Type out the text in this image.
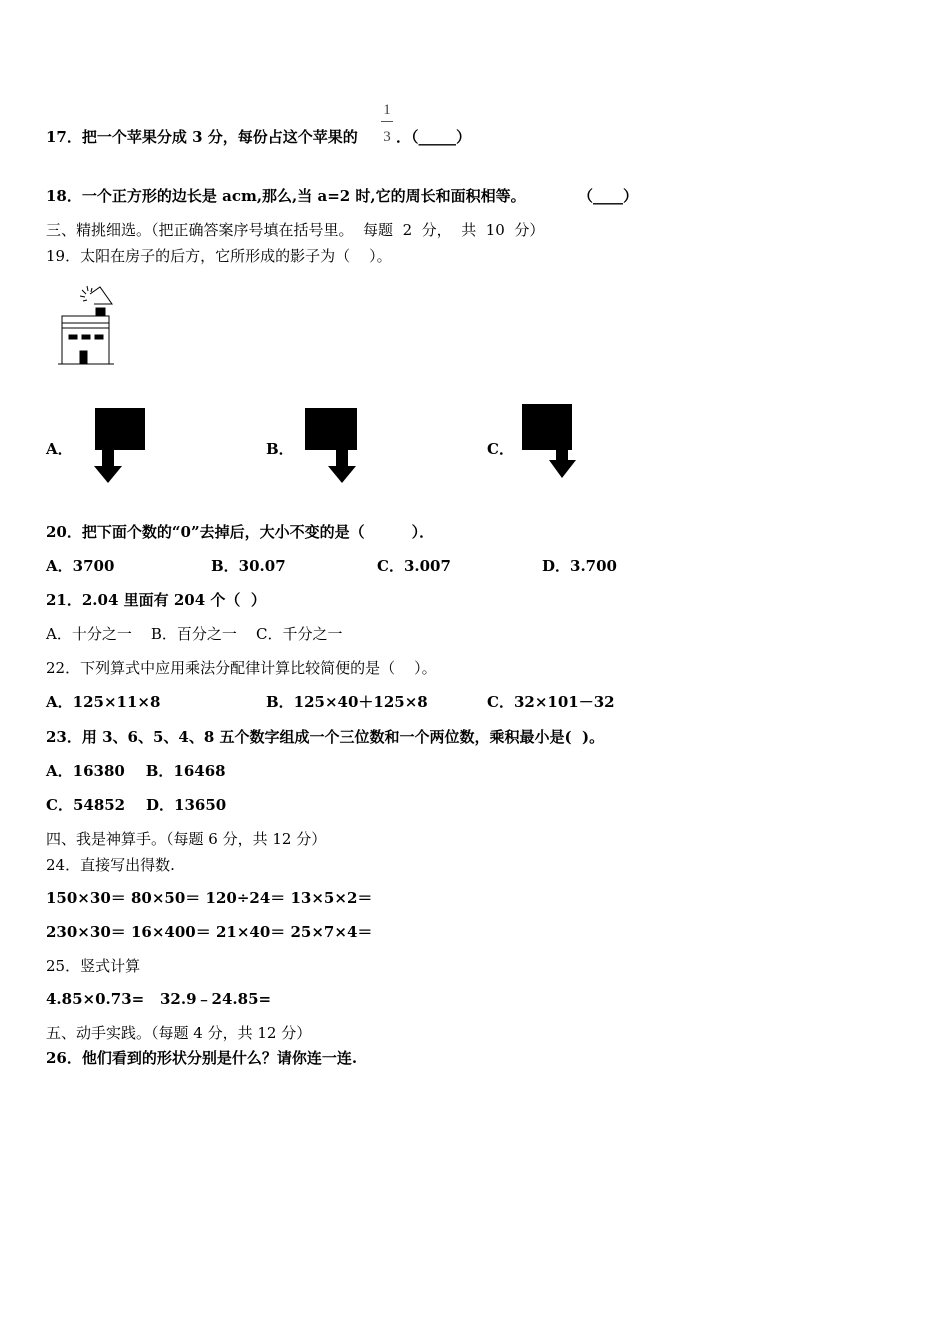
17．把一个苹果分成 3 分，每份占这个苹果的
1
3 ．（_____）
18．一个正方形的边长是 acm,那么,当 a=2 时,它的周长和面积相等。	（____）
三、精挑细选。（把正确答案序号填在括号里。  每题  2  分，  共  10  分）
19．太阳在房子的后方，它所形成的影子为（    ）。
A．	B．	C．
20．把下面个数的“0”去掉后，大小不变的是（         ）．
A．3700	B．30.07	C．3.007	D．3.700
21．2.04 里面有 204 个（  ）
A．十分之一    B．百分之一    C．千分之一
22．下列算式中应用乘法分配律计算比较简便的是（    ）。
A．125×11×8	B．125×40＋125×8	C．32×101－32
23．用 3、6、5、4、8 五个数字组成一个三位数和一个两位数，乘积最小是(  )。
A．16380    B．16468
C．54852    D．13650
四、我是神算手。（每题 6 分，共 12 分）
24．直接写出得数.
150×30＝ 80×50＝ 120÷24＝ 13×5×2＝
230×30＝ 16×400＝ 21×40＝ 25×7×4＝
25．竖式计算
4.85×0.73= 32.9﹣24.85=
五、动手实践。（每题 4 分，共 12 分）
26．他们看到的形状分别是什么？请你连一连.
